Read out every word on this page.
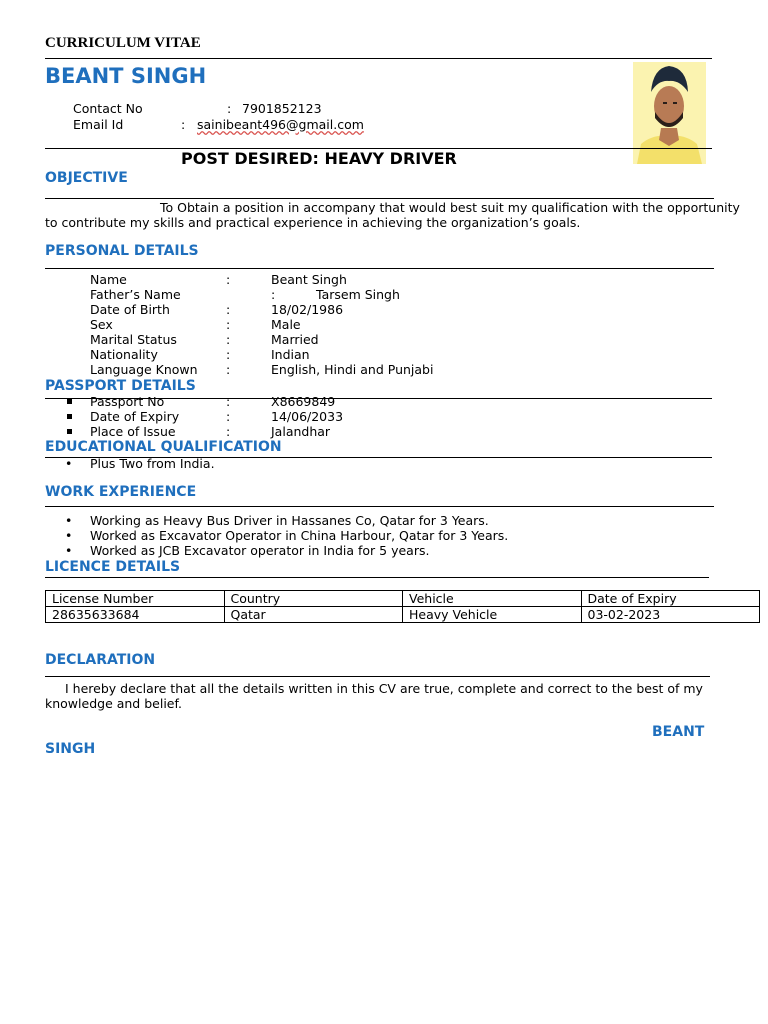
CURRICULUM VITAE
BEANT SINGH
Contact No	: 7901852123
Email Id	: sainibeant496@gmail.com
POST DESIRED: HEAVY DRIVER
OBJECTIVE
To Obtain a position in accompany that would best suit my qualification with the opportunity
to contribute my skills and practical experience in achieving the organization’s goals.
PERSONAL DETAILS
Name	:	Beant Singh
Father’s Name	:	Tarsem Singh
Date of Birth	:	18/02/1986
Sex	:	Male
Marital Status	:	Married
Nationality	:	Indian
Language Known :	English, Hindi and Punjabi
PASSPORT DETAILS
Passport No	:	X8669849
Date of Expiry	:	14/06/2033
Place of Issue	:	Jalandhar
EDUCATIONAL QUALIFICATION
• Plus Two from India.
WORK EXPERIENCE
• Working as Heavy Bus Driver in Hassanes Co, Qatar for 3 Years.
• Worked as Excavator Operator in China Harbour, Qatar for 3 Years.
• Worked as JCB Excavator operator in India for 5 years.
LICENCE DETAILS
License Number	Country	Vehicle	Date of Expiry
28635633684	Qatar	Heavy Vehicle	03-02-2023
DECLARATION
I hereby declare that all the details written in this CV are true, complete and correct to the best of my
knowledge and belief.
BEANT
SINGH
